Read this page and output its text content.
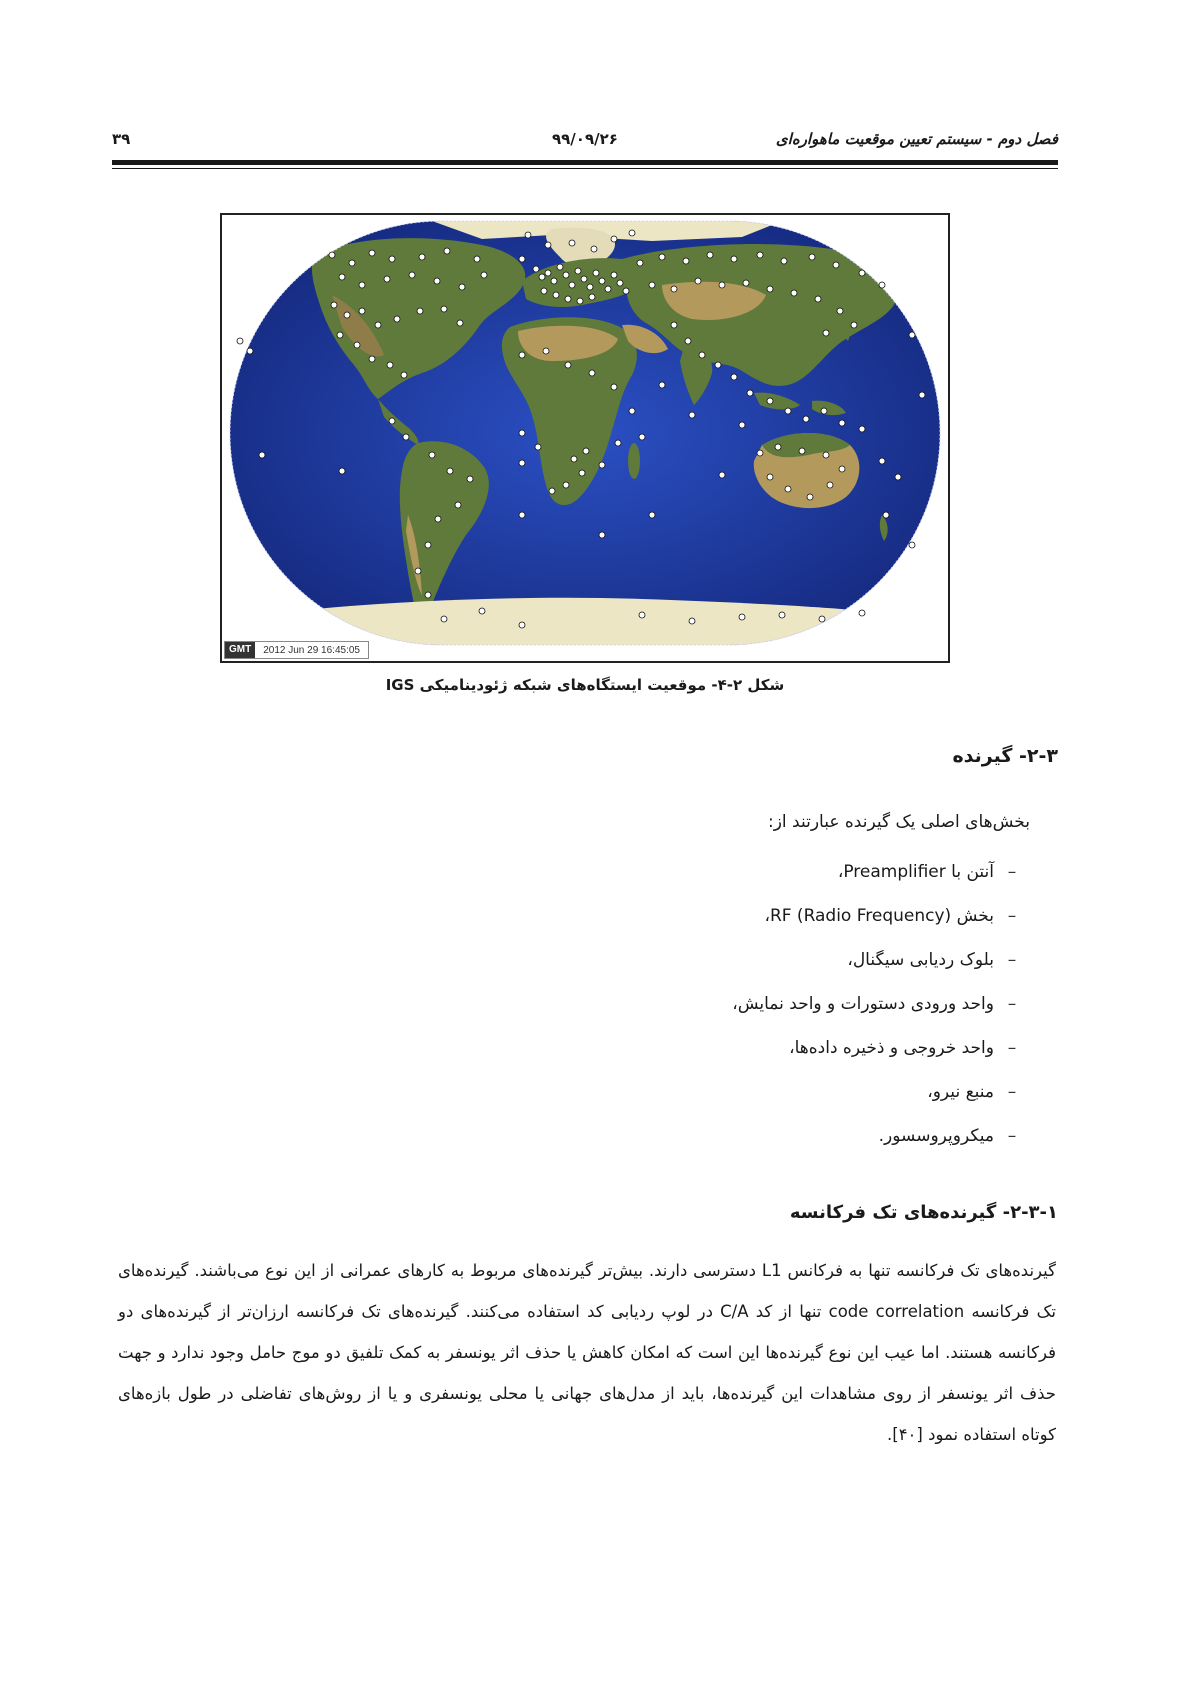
۳۹	۹۹/۰۹/۲۶	فصل دوم - سیستم تعیین موقعیت ماهواره‌ای
GMT	2012 Jun 29 16:45:05
شکل ۲-۴- موقعیت ایستگاه‌های شبکه ژئودینامیکی IGS
۲-۳- گیرنده
بخش‌های اصلی یک گیرنده عبارتند از:
–آنتن با Preamplifier،
–بخش RF (Radio Frequency)،
–بلوک ردیابی سیگنال،
–واحد ورودی دستورات و واحد نمایش،
–واحد خروجی و ذخیره داده‌ها،
–منبع نیرو،
–میکروپروسسور.
۲-۳-۱- گیرنده‌های تک فرکانسه

گیرنده‌های تک فرکانسه تنها به فرکانس L1 دسترسی دارند. بیش‌تر گیرنده‌های مربوط به کارهای عمرانی از این نوع می‌باشند. گیرنده‌های تک فرکانسه code correlation تنها از کد C/A در لوپ ردیابی کد استفاده می‌کنند. گیرنده‌های تک فرکانسه ارزان‌تر از گیرنده‌های دو فرکانسه هستند. اما عیب این نوع گیرنده‌ها این است که امکان کاهش یا حذف اثر یونسفر به کمک تلفیق دو موج حامل وجود ندارد و جهت حذف اثر یونسفر از روی مشاهدات این گیرنده‌ها، باید از مدل‌های جهانی یا محلی یونسفری و یا از روش‌های تفاضلی در طول بازه‌های کوتاه استفاده نمود [۴۰].
